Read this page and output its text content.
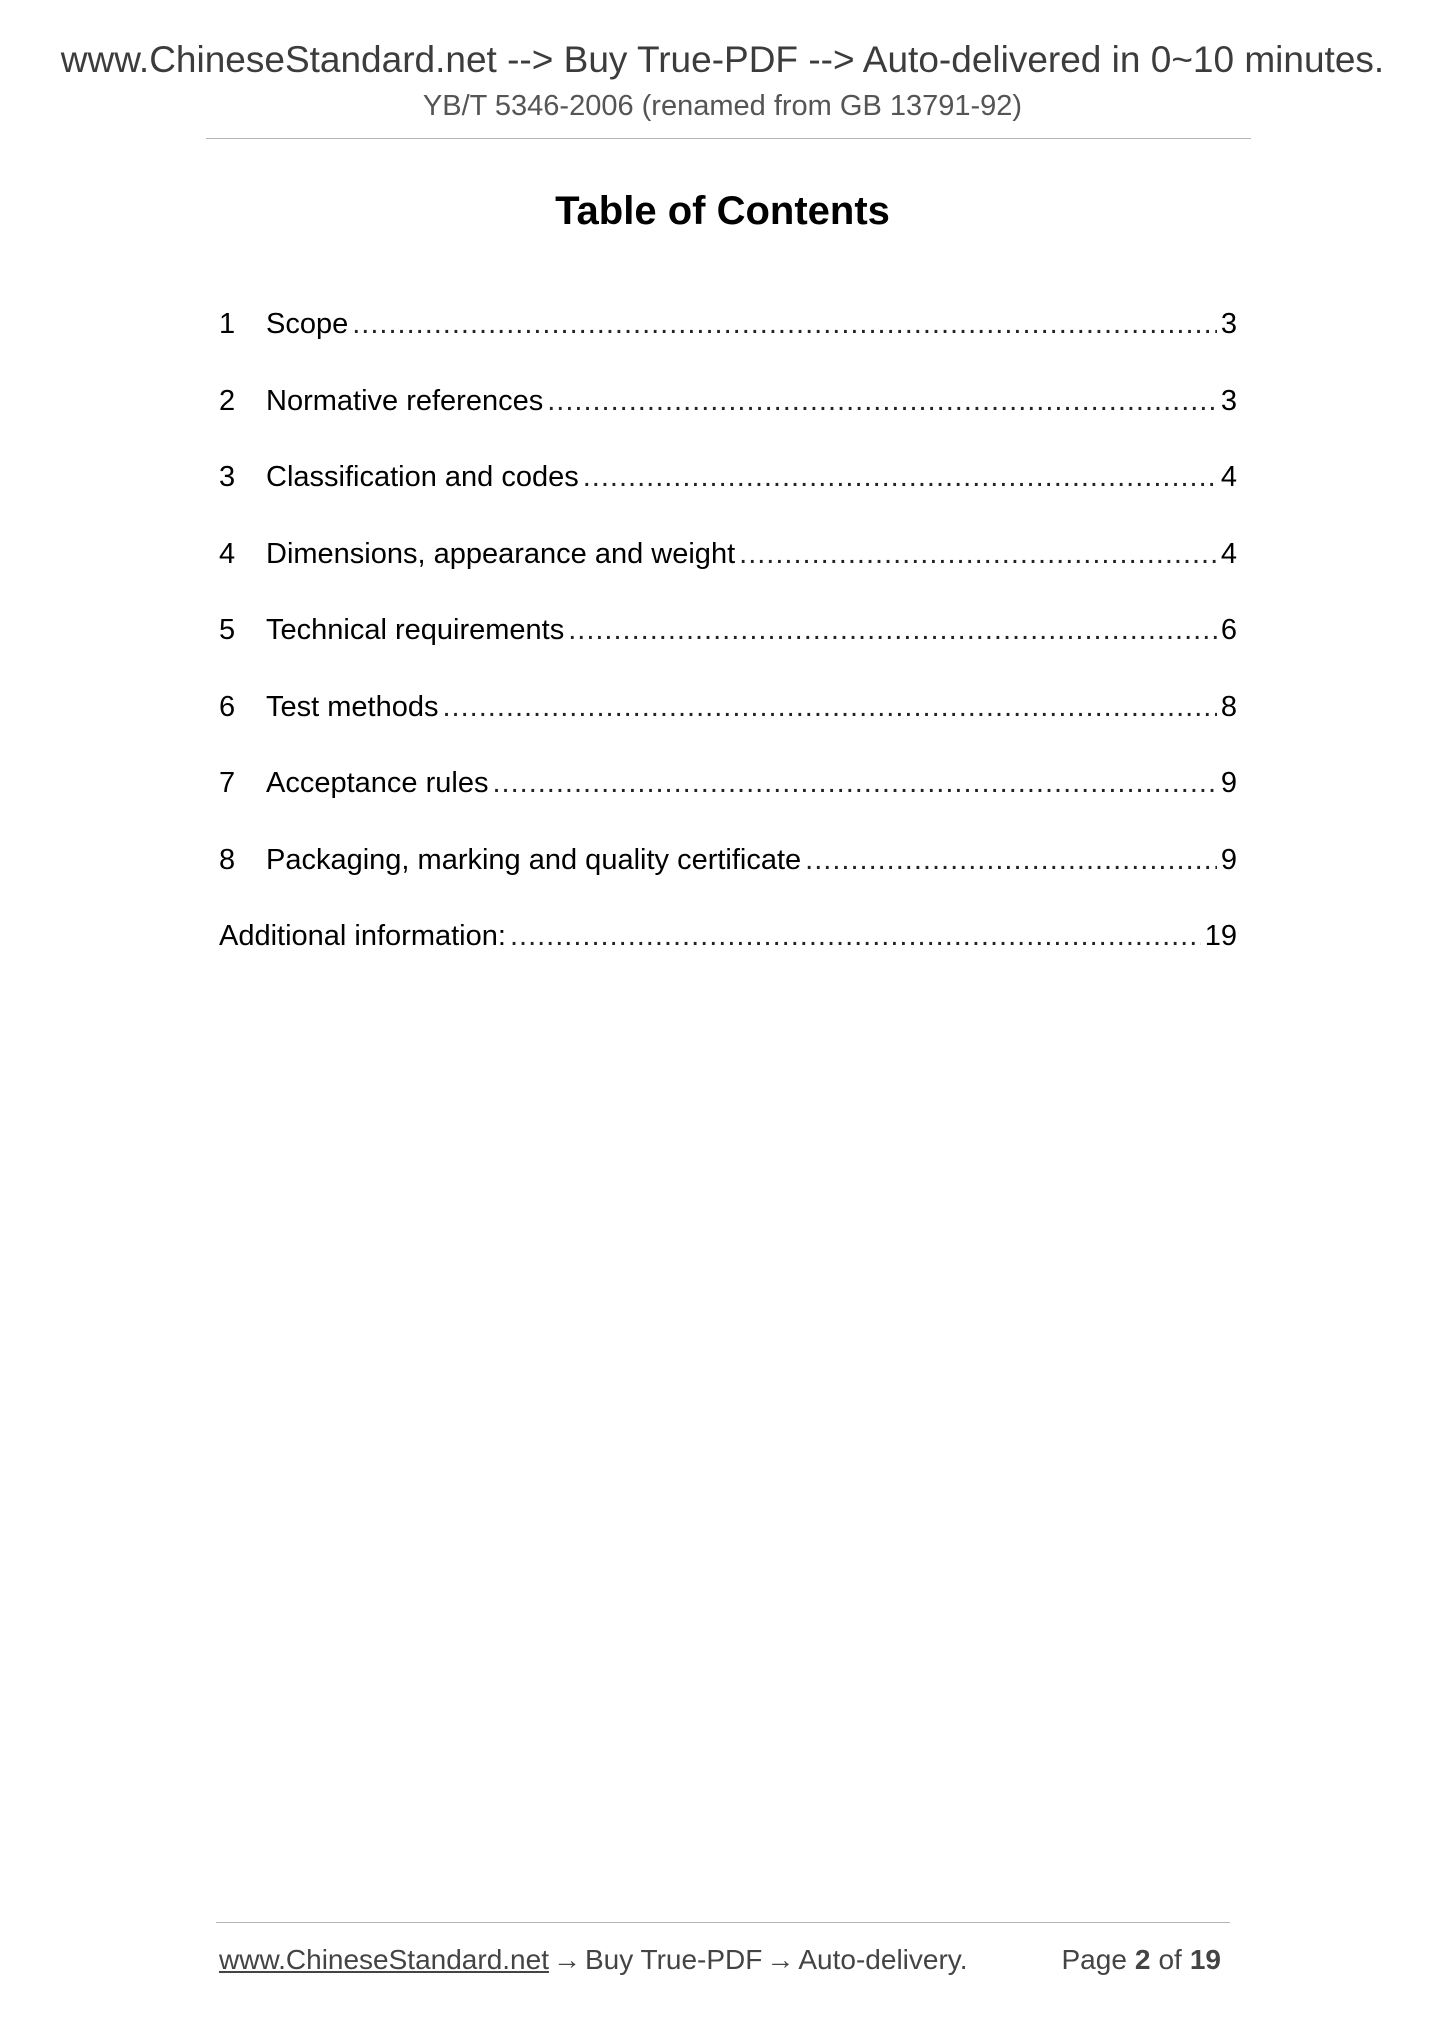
www.ChineseStandard.net --> Buy True-PDF --> Auto-delivered in 0~10 minutes.
YB/T 5346-2006 (renamed from GB 13791-92)
Table of Contents
1	Scope .....	3
2	Normative references .....	3
3	Classification and codes .....	4
4	Dimensions, appearance and weight .....	4
5	Technical requirements .....	6
6	Test methods .....	8
7	Acceptance rules .....	9
8	Packaging, marking and quality certificate .....	9
Additional information: .....	19
www.ChineseStandard.net → Buy True-PDF → Auto-delivery.	Page 2 of 19
